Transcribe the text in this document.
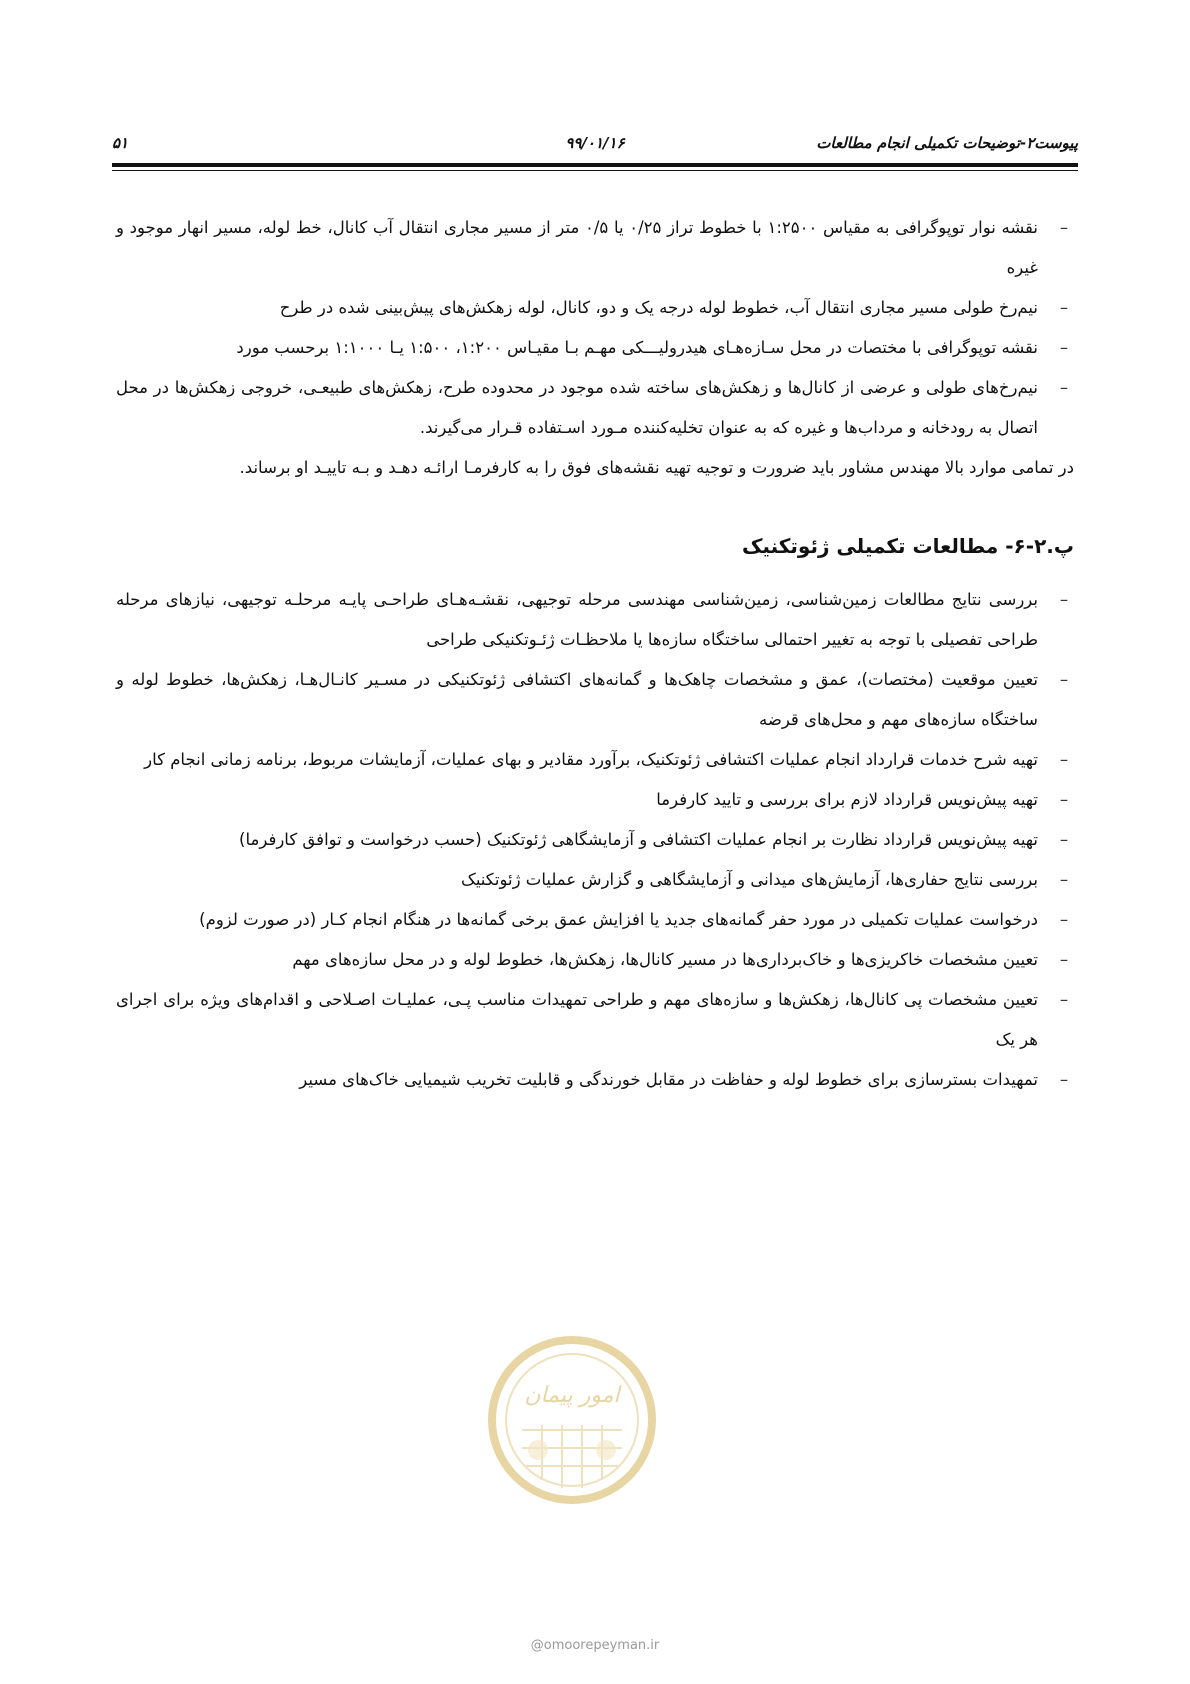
پیوست۲-توضیحات تکمیلی انجام مطالعات
۹۹/۰۱/۱۶
۵۱
–
نقشه نوار توپوگرافی به مقیاس ۱:۲۵۰۰ با خطوط تراز ۰/۲۵ یا ۰/۵ متر از مسیر مجاری انتقال آب کانال، خط لوله، مسیر انهار موجود و غیره
–
نیم‌رخ طولی مسیر مجاری انتقال آب، خطوط لوله درجه یک و دو، کانال، لوله زهکش‌های پیش‌بینی شده در طرح
–
نقشه توپوگرافی با مختصات در محل سـازه‌هـای هیدرولیـــکی مهـم بـا مقیـاس ۱:۲۰۰، ۱:۵۰۰ یـا ۱:۱۰۰۰ برحسب مورد
–
نیم‌رخ‌های طولی و عرضی از کانال‌ها و زهکش‌های ساخته شده موجود در محدوده طرح، زهکش‌های طبیعـی، خروجی زهکش‌ها در محل اتصال به رودخانه و مرداب‌ها و غیره که به عنوان تخلیه‌کننده مـورد اسـتفاده قـرار می‌گیرند.

در تمامی موارد بالا مهندس مشاور باید ضرورت و توجیه تهیه نقشه‌های فوق را به کارفرمـا ارائـه دهـد و بـه تاییـد او برساند.

پ.۲-۶- مطالعات تکمیلی ژئوتکنیک
–
بررسی نتایج مطالعات زمین‌شناسی، زمین‌شناسی مهندسی مرحله توجیهی، نقشـه‌هـای طراحـی پایـه مرحلـه توجیهی، نیازهای مرحله طراحی تفصیلی با توجه به تغییر احتمالی ساختگاه سازه‌ها یا ملاحظـات ژئـوتکنیکی طراحی
–
تعیین موقعیت (مختصات)، عمق و مشخصات چاهک‌ها و گمانه‌های اکتشافی ژئوتکنیکی در مسـیر کانـال‌هـا، زهکش‌ها، خطوط لوله و ساختگاه سازه‌های مهم و محل‌های قرضه
–
تهیه شرح خدمات قرارداد انجام عملیات اکتشافی ژئوتکنیک، برآورد مقادیر و بهای عملیات، آزمایشات مربوط، برنامه زمانی انجام کار
–
تهیه پیش‌نویس قرارداد لازم برای بررسی و تایید کارفرما
–
تهیه پیش‌نویس قرارداد نظارت بر انجام عملیات اکتشافی و آزمایشگاهی ژئوتکنیک (حسب درخواست و توافق کارفرما)
–
بررسی نتایج حفاری‌ها، آزمایش‌های میدانی و آزمایشگاهی و گزارش عملیات ژئوتکنیک
–
درخواست عملیات تکمیلی در مورد حفر گمانه‌های جدید یا افزایش عمق برخی گمانه‌ها در هنگام انجام کـار (در صورت لزوم)
–
تعیین مشخصات خاکریزی‌ها و خاک‌برداری‌ها در مسیر کانال‌ها، زهکش‌ها، خطوط لوله و در محل سازه‌های مهم
–
تعیین مشخصات پی کانال‌ها، زهکش‌ها و سازه‌های مهم و طراحی تمهیدات مناسب پـی، عملیـات اصـلاحی و اقدام‌های ویژه برای اجرای هر یک
–
تمهیدات بسترسازی برای خطوط لوله و حفاظت در مقابل خورندگی و قابلیت تخریب شیمیایی خاک‌های مسیر
امور پیمان
@omoorepeyman.ir
